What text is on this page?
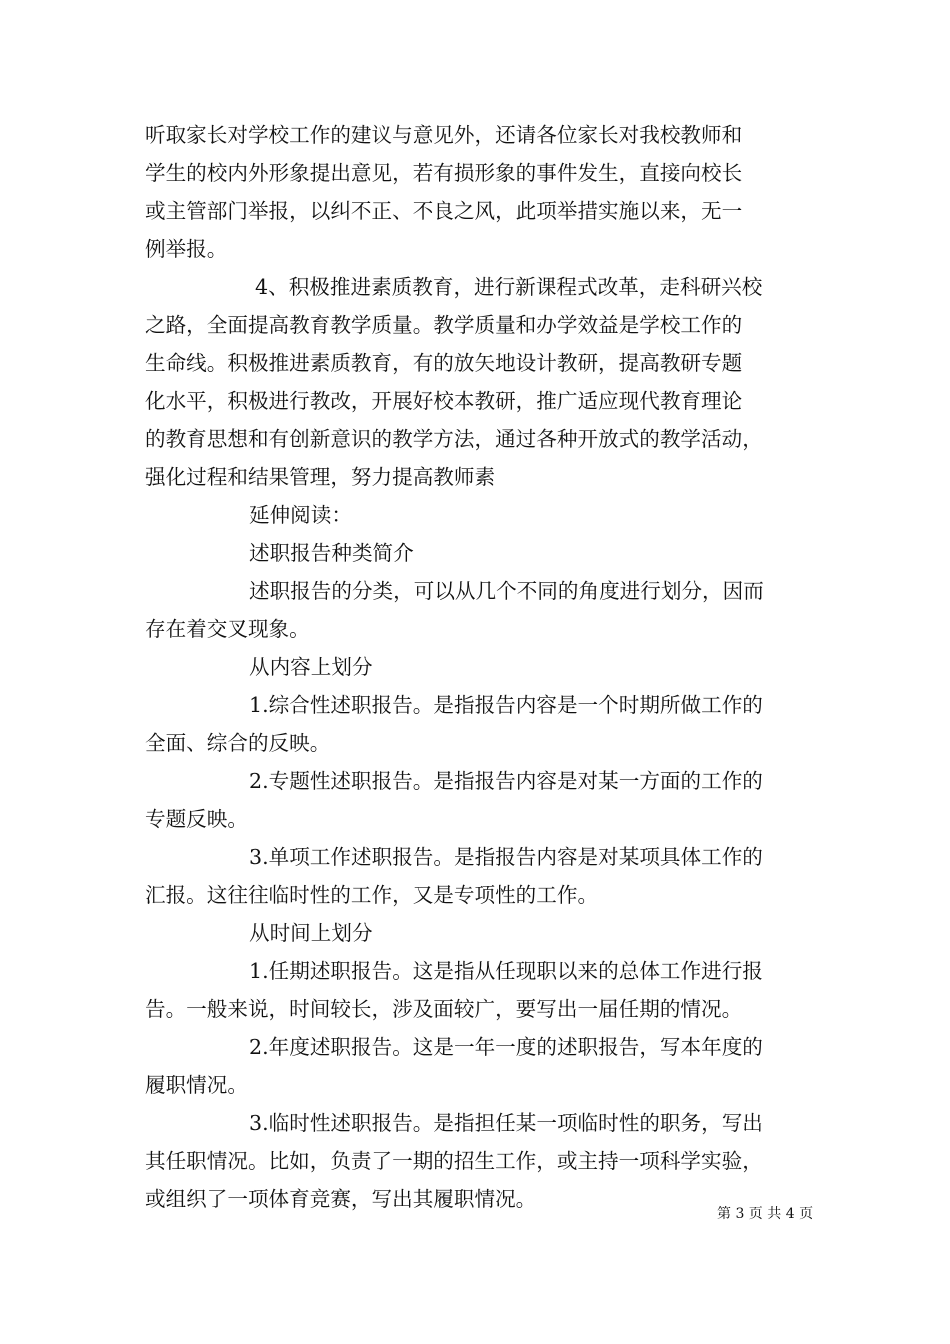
听取家长对学校工作的建议与意见外，还请各位家长对我校教师和
学生的校内外形象提出意见，若有损形象的事件发生，直接向校长
或主管部门举报，以纠不正、不良之风，此项举措实施以来，无一
例举报。
4、积极推进素质教育，进行新课程式改革，走科研兴校
之路，全面提高教育教学质量。教学质量和办学效益是学校工作的
生命线。积极推进素质教育，有的放矢地设计教研，提高教研专题
化水平，积极进行教改，开展好校本教研，推广适应现代教育理论
的教育思想和有创新意识的教学方法，通过各种开放式的教学活动，
强化过程和结果管理，努力提高教师素
延伸阅读：
述职报告种类简介
述职报告的分类，可以从几个不同的角度进行划分，因而
存在着交叉现象。
从内容上划分
1.综合性述职报告。是指报告内容是一个时期所做工作的
全面、综合的反映。
2.专题性述职报告。是指报告内容是对某一方面的工作的
专题反映。
3.单项工作述职报告。是指报告内容是对某项具体工作的
汇报。这往往临时性的工作，又是专项性的工作。
从时间上划分
1.任期述职报告。这是指从任现职以来的总体工作进行报
告。一般来说，时间较长，涉及面较广，要写出一届任期的情况。
2.年度述职报告。这是一年一度的述职报告，写本年度的
履职情况。
3.临时性述职报告。是指担任某一项临时性的职务，写出
其任职情况。比如，负责了一期的招生工作，或主持一项科学实验，
或组织了一项体育竞赛，写出其履职情况。
第 3 页 共 4 页
